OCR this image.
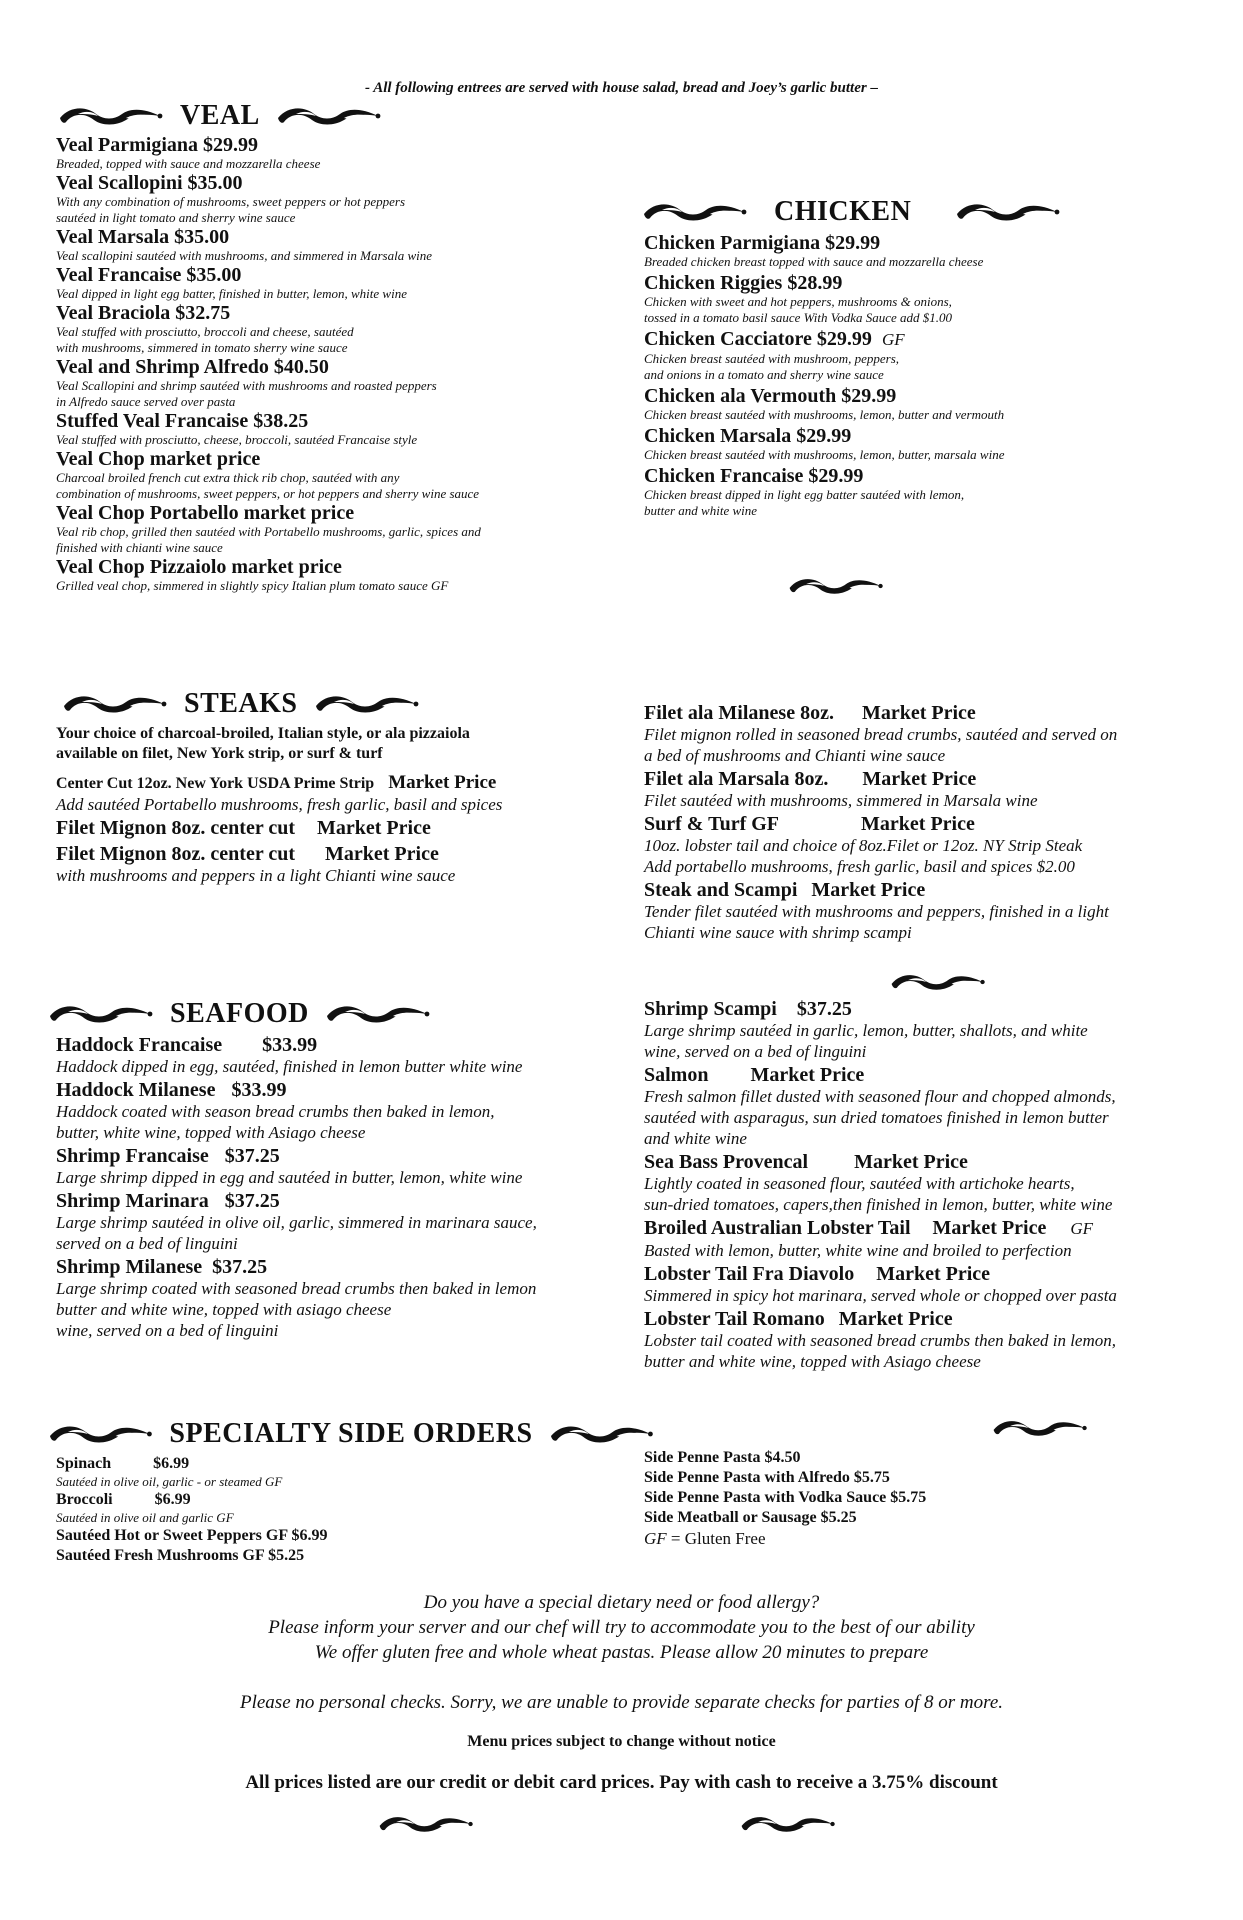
- All following entrees are served with house salad, bread and Joey’s garlic butter –
VEAL
Veal Parmigiana $29.99
Breaded, topped with sauce and mozzarella cheese
Veal Scallopini $35.00
With any combination of mushrooms, sweet peppers or hot peppers
sautéed in light tomato and sherry wine sauce
Veal Marsala $35.00
Veal scallopini sautéed with mushrooms, and simmered in Marsala wine
Veal Francaise $35.00
Veal dipped in light egg batter, finished in butter, lemon, white wine
Veal Braciola $32.75
Veal stuffed with prosciutto, broccoli and cheese, sautéed
with mushrooms, simmered in tomato sherry wine sauce
Veal and Shrimp Alfredo $40.50
Veal Scallopini and shrimp sautéed with mushrooms and roasted peppers
in Alfredo sauce served over pasta
Stuffed Veal Francaise $38.25
Veal stuffed with prosciutto, cheese, broccoli, sautéed Francaise style
Veal Chop market price
Charcoal broiled french cut extra thick rib chop, sautéed with any
combination of mushrooms, sweet peppers, or hot peppers and sherry wine sauce
Veal Chop Portabello market price
Veal rib chop, grilled then sautéed with Portabello mushrooms, garlic, spices and
finished with chianti wine sauce
Veal Chop Pizzaiolo market price
Grilled veal chop, simmered in slightly spicy Italian plum tomato sauce GF
CHICKEN
Chicken Parmigiana $29.99
Breaded chicken breast topped with sauce and mozzarella cheese
Chicken Riggies $28.99
Chicken with sweet and hot peppers, mushrooms & onions,
tossed in a tomato basil sauce With Vodka Sauce add $1.00
Chicken Cacciatore $29.99 GF
Chicken breast sautéed with mushroom, peppers,
and onions in a tomato and sherry wine sauce
Chicken ala Vermouth $29.99
Chicken breast sautéed with mushrooms, lemon, butter and vermouth
Chicken Marsala $29.99
Chicken breast sautéed with mushrooms, lemon, butter, marsala wine
Chicken Francaise $29.99
Chicken breast dipped in light egg batter sautéed with lemon,
butter and white wine
STEAKS
Your choice of charcoal-broiled, Italian style, or ala pizzaiola
available on filet, New York strip, or surf & turf
Center Cut 12oz. New York USDA Prime Strip Market Price
Add sautéed Portabello mushrooms, fresh garlic, basil and spices
Filet Mignon 8oz. center cut Market Price
Filet Mignon 8oz. center cut Market Price
with mushrooms and peppers in a light Chianti wine sauce
Filet ala Milanese 8oz. Market Price
Filet mignon rolled in seasoned bread crumbs, sautéed and served on
a bed of mushrooms and Chianti wine sauce
Filet ala Marsala 8oz. Market Price
Filet sautéed with mushrooms, simmered in Marsala wine
Surf & Turf GF	Market Price
10oz. lobster tail and choice of 8oz.Filet or 12oz. NY Strip Steak
Add portabello mushrooms, fresh garlic, basil and spices $2.00
Steak and Scampi Market Price
Tender filet sautéed with mushrooms and peppers, finished in a light
Chianti wine sauce with shrimp scampi
SEAFOOD
Haddock Francaise $33.99
Haddock dipped in egg, sautéed, finished in lemon butter white wine
Haddock Milanese $33.99
Haddock coated with season bread crumbs then baked in lemon,
butter, white wine, topped with Asiago cheese
Shrimp Francaise $37.25
Large shrimp dipped in egg and sautéed in butter, lemon, white wine
Shrimp Marinara $37.25
Large shrimp sautéed in olive oil, garlic, simmered in marinara sauce,
served on a bed of linguini
Shrimp Milanese $37.25
Large shrimp coated with seasoned bread crumbs then baked in lemon
butter and white wine, topped with asiago cheese
wine, served on a bed of linguini
Shrimp Scampi $37.25
Large shrimp sautéed in garlic, lemon, butter, shallots, and white
wine, served on a bed of linguini
Salmon Market Price
Fresh salmon fillet dusted with seasoned flour and chopped almonds,
sautéed with asparagus, sun dried tomatoes finished in lemon butter
and white wine
Sea Bass Provencal Market Price
Lightly coated in seasoned flour, sautéed with artichoke hearts,
sun-dried tomatoes, capers,then finished in lemon, butter, white wine
Broiled Australian Lobster Tail Market Price GF
Basted with lemon, butter, white wine and broiled to perfection
Lobster Tail Fra Diavolo Market Price
Simmered in spicy hot marinara, served whole or chopped over pasta
Lobster Tail Romano Market Price
Lobster tail coated with seasoned bread crumbs then baked in lemon,
butter and white wine, topped with Asiago cheese
SPECIALTY SIDE ORDERS
Spinach	$6.99
Sautéed in olive oil, garlic - or steamed GF
Broccoli	$6.99
Sautéed in olive oil and garlic GF
Sautéed Hot or Sweet Peppers GF $6.99
Sautéed Fresh Mushrooms GF $5.25
Side Penne Pasta $4.50
Side Penne Pasta with Alfredo $5.75
Side Penne Pasta with Vodka Sauce $5.75
Side Meatball or Sausage $5.25
GF = Gluten Free
Do you have a special dietary need or food allergy?
Please inform your server and our chef will try to accommodate you to the best of our ability
We offer gluten free and whole wheat pastas. Please allow 20 minutes to prepare
Please no personal checks. Sorry, we are unable to provide separate checks for parties of 8 or more.
Menu prices subject to change without notice
All prices listed are our credit or debit card prices. Pay with cash to receive a 3.75% discount
